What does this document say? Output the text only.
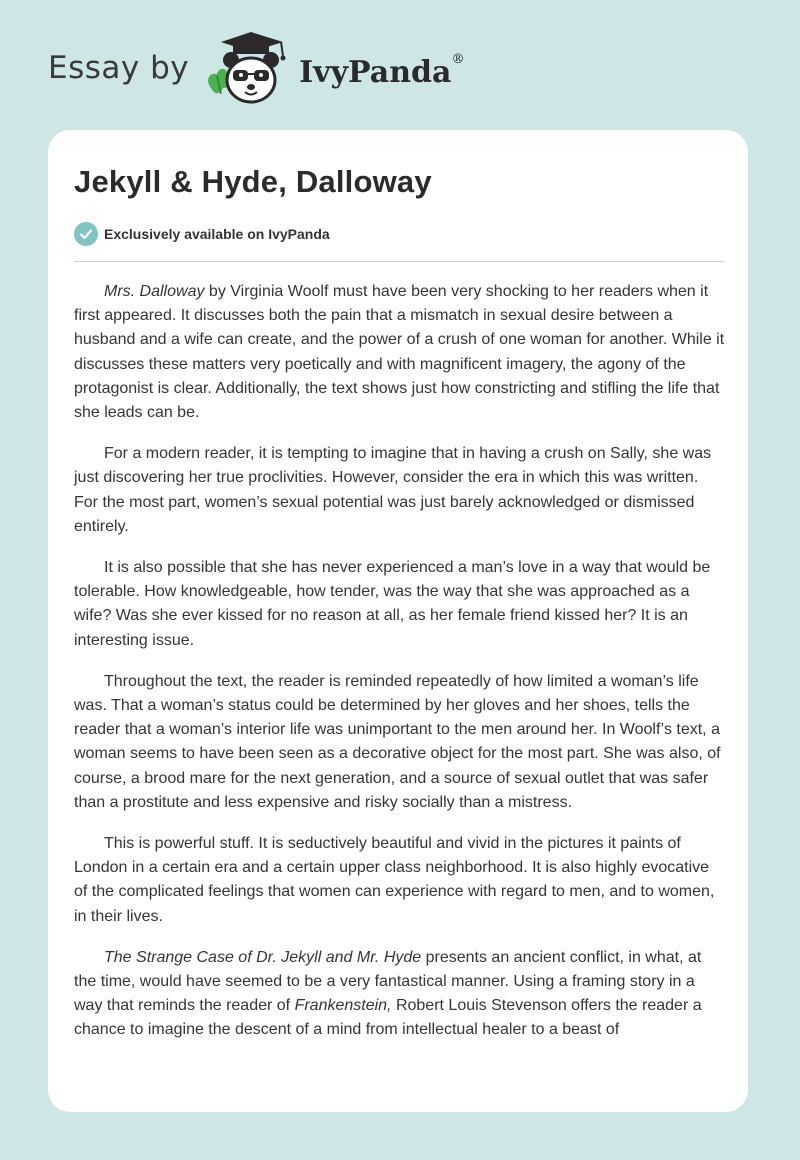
Essay by	IvyPanda®
Jekyll & Hyde, Dalloway
Exclusively available on IvyPanda

Mrs. Dalloway by Virginia Woolf must have been very shocking to her readers when it first appeared. It discusses both the pain that a mismatch in sexual desire between a husband and a wife can create, and the power of a crush of one woman for another. While it discusses these matters very poetically and with magnificent imagery, the agony of the protagonist is clear. Additionally, the text shows just how constricting and stifling the life that she leads can be.

For a modern reader, it is tempting to imagine that in having a crush on Sally, she was just discovering her true proclivities. However, consider the era in which this was written. For the most part, women’s sexual potential was just barely acknowledged or dismissed entirely.

It is also possible that she has never experienced a man’s love in a way that would be tolerable. How knowledgeable, how tender, was the way that she was approached as a wife? Was she ever kissed for no reason at all, as her female friend kissed her? It is an interesting issue.

Throughout the text, the reader is reminded repeatedly of how limited a woman’s life was. That a woman’s status could be determined by her gloves and her shoes, tells the reader that a woman’s interior life was unimportant to the men around her. In Woolf’s text, a woman seems to have been seen as a decorative object for the most part. She was also, of course, a brood mare for the next generation, and a source of sexual outlet that was safer than a prostitute and less expensive and risky socially than a mistress.

This is powerful stuff. It is seductively beautiful and vivid in the pictures it paints of London in a certain era and a certain upper class neighborhood. It is also highly evocative of the complicated feelings that women can experience with regard to men, and to women, in their lives.

The Strange Case of Dr. Jekyll and Mr. Hyde presents an ancient conflict, in what, at the time, would have seemed to be a very fantastical manner. Using a framing story in a way that reminds the reader of Frankenstein, Robert Louis Stevenson offers the reader a chance to imagine the descent of a mind from intellectual healer to a beast of
